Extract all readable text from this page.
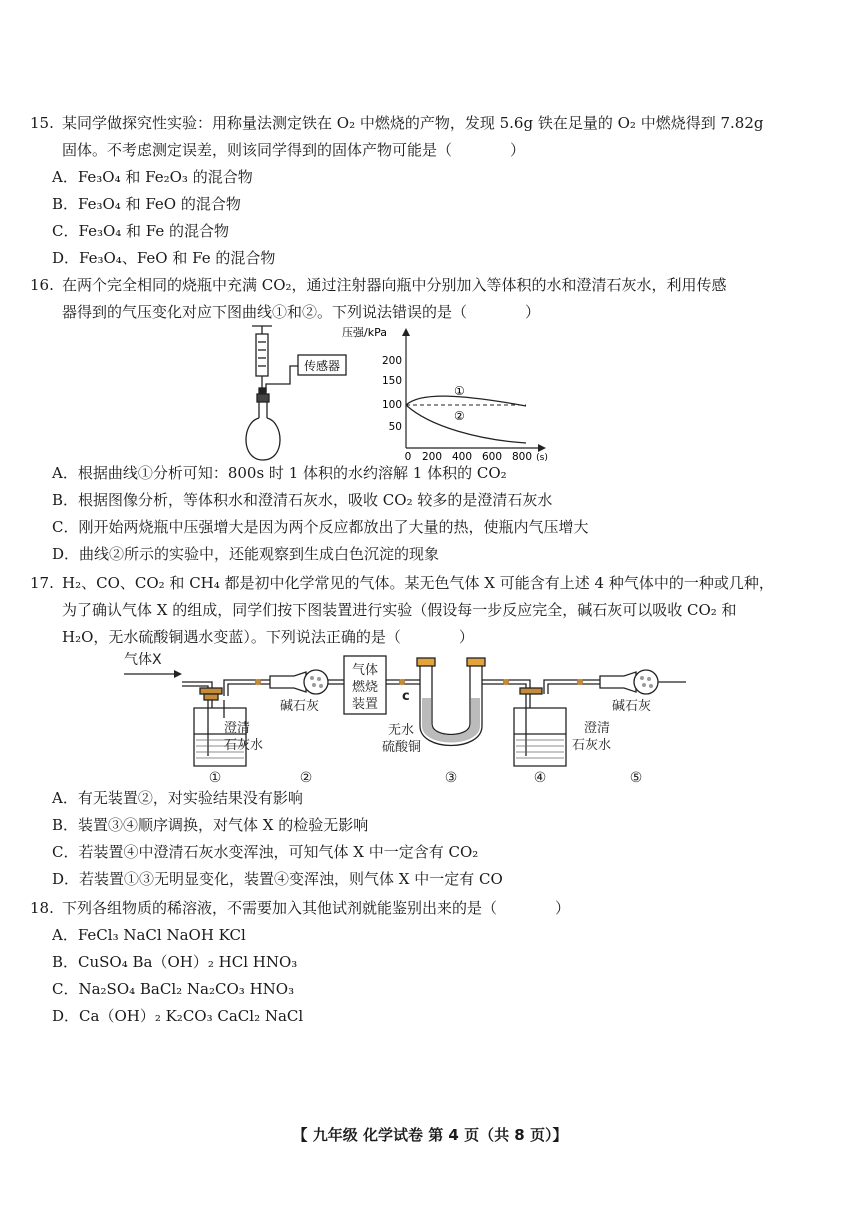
15. 某同学做探究性实验：用称量法测定铁在 O₂ 中燃烧的产物，发现 5.6g 铁在足量的 O₂ 中燃烧得到 7.82g
固体。不考虑测定误差，则该同学得到的固体产物可能是（	）
A．Fe₃O₄ 和 Fe₂O₃ 的混合物
B．Fe₃O₄ 和 FeO 的混合物
C．Fe₃O₄ 和 Fe 的混合物
D．Fe₃O₄、FeO 和 Fe 的混合物
16. 在两个完全相同的烧瓶中充满 CO₂，通过注射器向瓶中分别加入等体积的水和澄清石灰水，利用传感
器得到的气压变化对应下图曲线①和②。下列说法错误的是（	）
传感器
压强/kPa
200
150
100
50
0 200 400 600 800 (s)
①
②
A．根据曲线①分析可知：800s 时 1 体积的水约溶解 1 体积的 CO₂
B．根据图像分析，等体积水和澄清石灰水，吸收 CO₂ 较多的是澄清石灰水
C．刚开始两烧瓶中压强增大是因为两个反应都放出了大量的热，使瓶内气压增大
D．曲线②所示的实验中，还能观察到生成白色沉淀的现象
17. H₂、CO、CO₂ 和 CH₄ 都是初中化学常见的气体。某无色气体 X 可能含有上述 4 种气体中的一种或几种，
为了确认气体 X 的组成，同学们按下图装置进行实验（假设每一步反应完全，碱石灰可以吸收 CO₂ 和
H₂O，无水硫酸铜遇水变蓝）。下列说法正确的是（	）
气体X
澄清
石灰水
碱石灰
气体
燃烧
装置
c
无水
硫酸铜
澄清
石灰水
碱石灰
①	②	③	④	⑤
A．有无装置②，对实验结果没有影响
B．装置③④顺序调换，对气体 X 的检验无影响
C．若装置④中澄清石灰水变浑浊，可知气体 X 中一定含有 CO₂
D．若装置①③无明显变化，装置④变浑浊，则气体 X 中一定有 CO
18. 下列各组物质的稀溶液，不需要加入其他试剂就能鉴别出来的是（	）
A．FeCl₃ NaCl NaOH KCl
B．CuSO₄ Ba（OH）₂ HCl HNO₃
C．Na₂SO₄ BaCl₂ Na₂CO₃ HNO₃
D．Ca（OH）₂ K₂CO₃ CaCl₂ NaCl
【 九年级 化学试卷 第 4 页（共 8 页）】
